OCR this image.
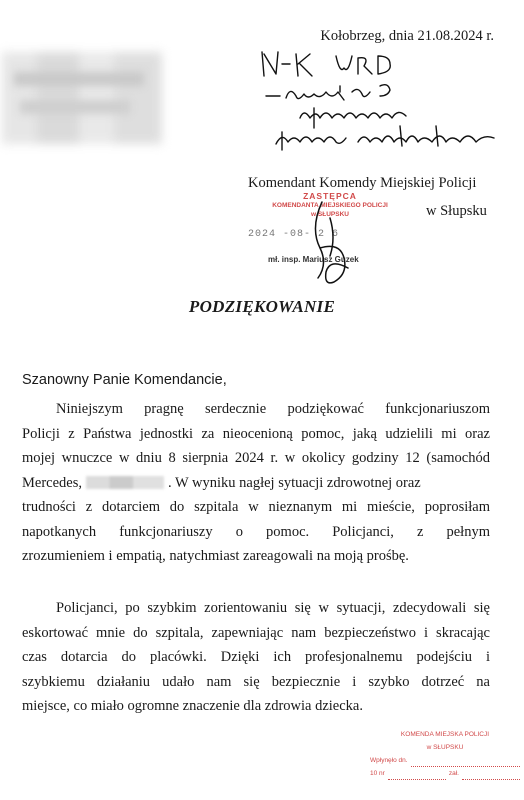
Kołobrzeg, dnia 21.08.2024 r.
Komendant Komendy Miejskiej Policji
w Słupsku
ZASTĘPCA
KOMENDANTA MIEJSKIEGO POLICJI
w SŁUPSKU
2024 -08- 2 6
mł. insp. Mariusz Guzek
PODZIĘKOWANIE
Szanowny Panie Komendancie,
Niniejszym pragnę serdecznie podziękować funkcjonariuszom
Policji z Państwa jednostki za nieocenioną pomoc, jaką udzielili mi oraz
mojej wnuczce w dniu 8 sierpnia 2024 r. w okolicy godziny 12 (samochód
Mercedes,	. W wyniku nagłej sytuacji zdrowotnej oraz
trudności z dotarciem do szpitala w nieznanym mi mieście, poprosiłam
napotkanych funkcjonariuszy o pomoc. Policjanci, z pełnym
zrozumieniem i empatią, natychmiast zareagowali na moją prośbę.
Policjanci, po szybkim zorientowaniu się w sytuacji, zdecydowali się
eskortować mnie do szpitala, zapewniając nam bezpieczeństwo i skracając
czas dotarcia do placówki. Dzięki ich profesjonalnemu podejściu i
szybkiemu działaniu udało nam się bezpiecznie i szybko dotrzeć na
miejsce, co miało ogromne znaczenie dla zdrowia dziecka.
KOMENDA MIEJSKA POLICJI
w SŁUPSKU
Wpłynęło dn.
10 nr	zał.
